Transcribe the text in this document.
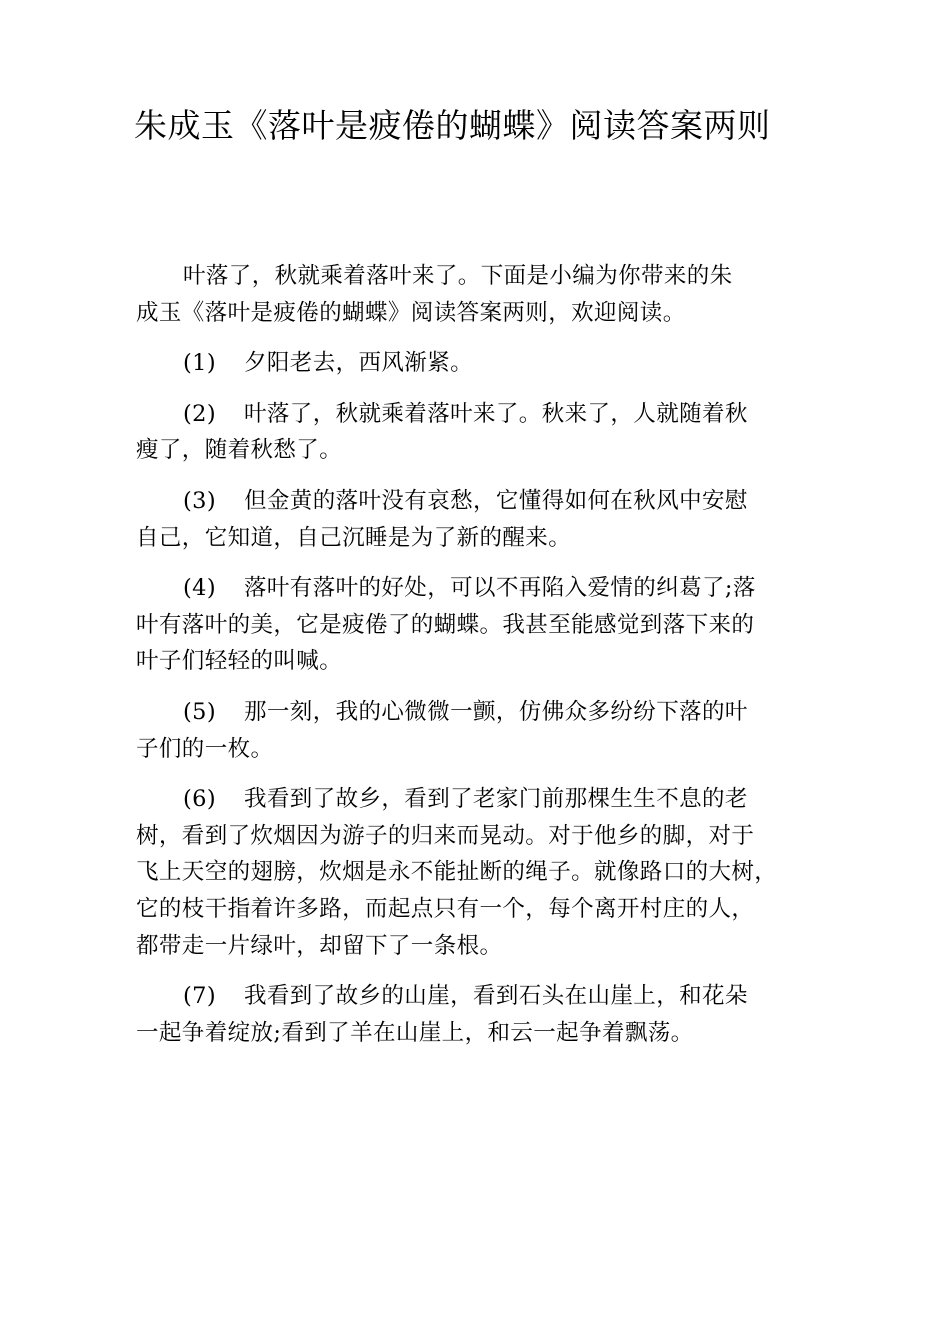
朱成玉《落叶是疲倦的蝴蝶》阅读答案两则
叶落了，秋就乘着落叶来了。下面是小编为你带来的朱
成玉《落叶是疲倦的蝴蝶》阅读答案两则，欢迎阅读。
(1) 夕阳老去，西风渐紧。
(2) 叶落了，秋就乘着落叶来了。秋来了，人就随着秋
瘦了，随着秋愁了。
(3) 但金黄的落叶没有哀愁，它懂得如何在秋风中安慰
自己，它知道，自己沉睡是为了新的醒来。
(4) 落叶有落叶的好处，可以不再陷入爱情的纠葛了;落
叶有落叶的美，它是疲倦了的蝴蝶。我甚至能感觉到落下来的
叶子们轻轻的叫喊。
(5) 那一刻，我的心微微一颤，仿佛众多纷纷下落的叶
子们的一枚。
(6) 我看到了故乡，看到了老家门前那棵生生不息的老
树，看到了炊烟因为游子的归来而晃动。对于他乡的脚，对于
飞上天空的翅膀，炊烟是永不能扯断的绳子。就像路口的大树，
它的枝干指着许多路，而起点只有一个，每个离开村庄的人，
都带走一片绿叶，却留下了一条根。
(7) 我看到了故乡的山崖，看到石头在山崖上，和花朵
一起争着绽放;看到了羊在山崖上，和云一起争着飘荡。
